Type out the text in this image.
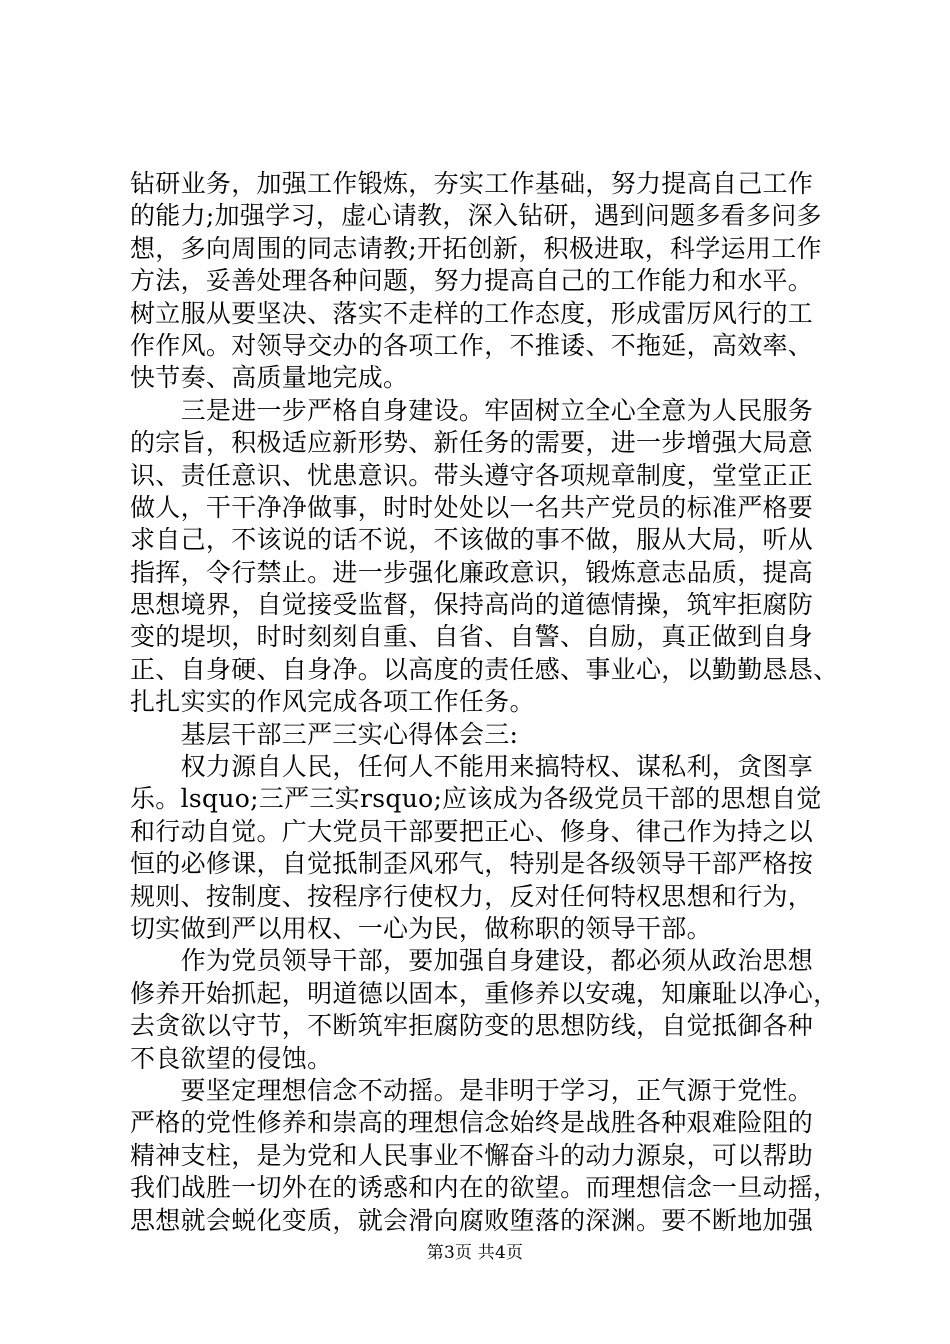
钻研业务，加强工作锻炼，夯实工作基础，努力提高自己工作
的能力;加强学习，虚心请教，深入钻研，遇到问题多看多问多
想，多向周围的同志请教;开拓创新，积极进取，科学运用工作
方法，妥善处理各种问题，努力提高自己的工作能力和水平。
树立服从要坚决、落实不走样的工作态度，形成雷厉风行的工
作作风。对领导交办的各项工作，不推诿、不拖延，高效率、
快节奏、高质量地完成。
　　三是进一步严格自身建设。牢固树立全心全意为人民服务
的宗旨，积极适应新形势、新任务的需要，进一步增强大局意
识、责任意识、忧患意识。带头遵守各项规章制度，堂堂正正
做人，干干净净做事，时时处处以一名共产党员的标准严格要
求自己，不该说的话不说，不该做的事不做，服从大局，听从
指挥，令行禁止。进一步强化廉政意识，锻炼意志品质，提高
思想境界，自觉接受监督，保持高尚的道德情操，筑牢拒腐防
变的堤坝，时时刻刻自重、自省、自警、自励，真正做到自身
正、自身硬、自身净。以高度的责任感、事业心，以勤勤恳恳、
扎扎实实的作风完成各项工作任务。
　　基层干部三严三实心得体会三:
　　权力源自人民，任何人不能用来搞特权、谋私利，贪图享
乐。lsquo;三严三实rsquo;应该成为各级党员干部的思想自觉
和行动自觉。广大党员干部要把正心、修身、律己作为持之以
恒的必修课，自觉抵制歪风邪气，特别是各级领导干部严格按
规则、按制度、按程序行使权力，反对任何特权思想和行为，
切实做到严以用权、一心为民，做称职的领导干部。
　　作为党员领导干部，要加强自身建设，都必须从政治思想
修养开始抓起，明道德以固本，重修养以安魂，知廉耻以净心，
去贪欲以守节，不断筑牢拒腐防变的思想防线，自觉抵御各种
不良欲望的侵蚀。
　　要坚定理想信念不动摇。是非明于学习，正气源于党性。
严格的党性修养和崇高的理想信念始终是战胜各种艰难险阻的
精神支柱，是为党和人民事业不懈奋斗的动力源泉，可以帮助
我们战胜一切外在的诱惑和内在的欲望。而理想信念一旦动摇，
思想就会蜕化变质，就会滑向腐败堕落的深渊。要不断地加强
第3页 共4页
